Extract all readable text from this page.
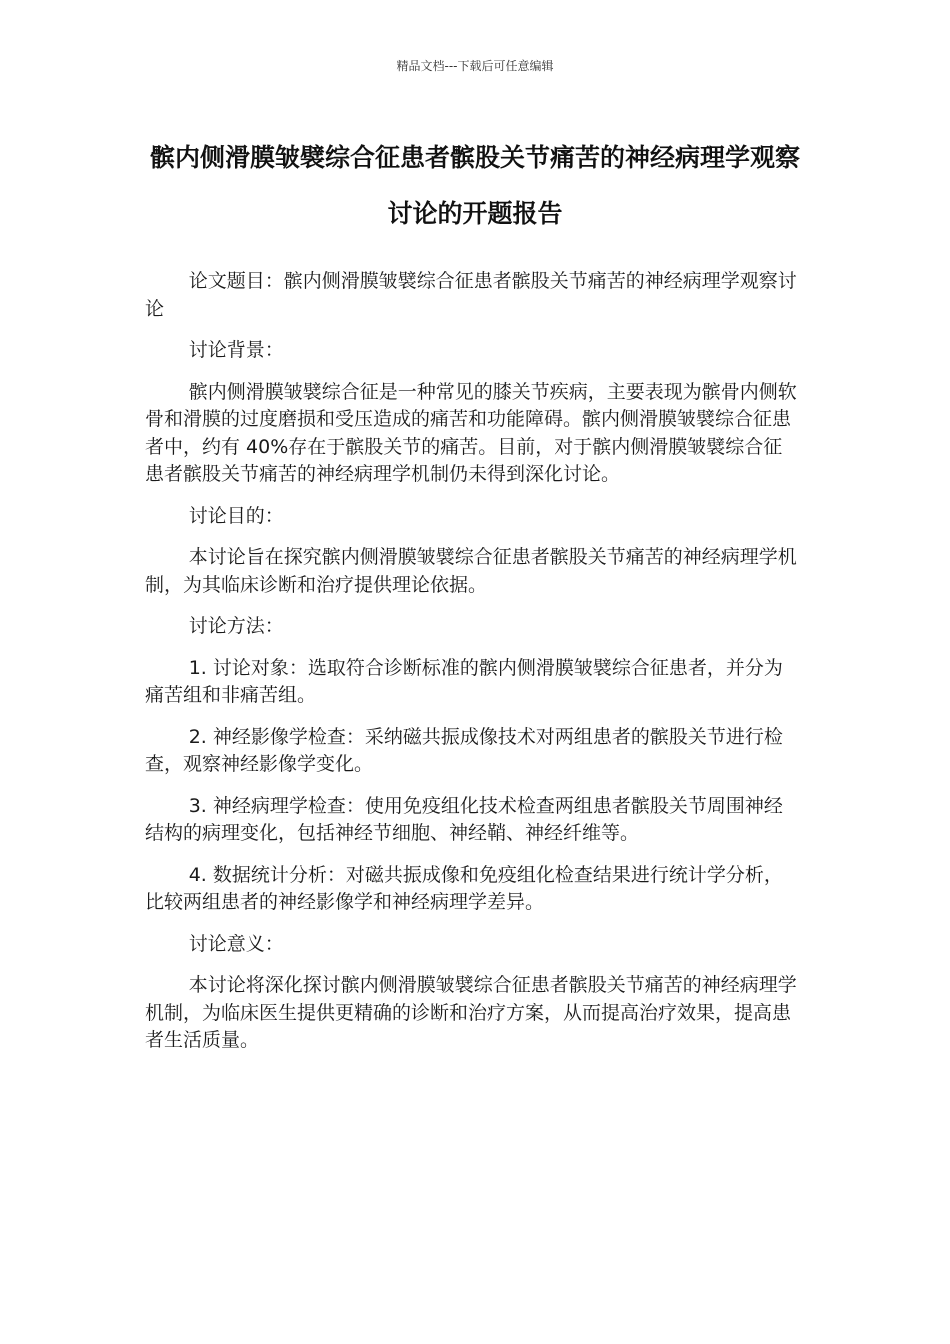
精品文档---下载后可任意编辑
髌内侧滑膜皱襞综合征患者髌股关节痛苦的神经病理学观察讨论的开题报告

论文题目：髌内侧滑膜皱襞综合征患者髌股关节痛苦的神经病理学观察讨论

讨论背景：

髌内侧滑膜皱襞综合征是一种常见的膝关节疾病，主要表现为髌骨内侧软骨和滑膜的过度磨损和受压造成的痛苦和功能障碍。髌内侧滑膜皱襞综合征患者中，约有 40%存在于髌股关节的痛苦。目前，对于髌内侧滑膜皱襞综合征患者髌股关节痛苦的神经病理学机制仍未得到深化讨论。

讨论目的：

本讨论旨在探究髌内侧滑膜皱襞综合征患者髌股关节痛苦的神经病理学机制，为其临床诊断和治疗提供理论依据。

讨论方法：

1. 讨论对象：选取符合诊断标准的髌内侧滑膜皱襞综合征患者，并分为痛苦组和非痛苦组。

2. 神经影像学检查：采纳磁共振成像技术对两组患者的髌股关节进行检查，观察神经影像学变化。

3. 神经病理学检查：使用免疫组化技术检查两组患者髌股关节周围神经结构的病理变化，包括神经节细胞、神经鞘、神经纤维等。

4. 数据统计分析：对磁共振成像和免疫组化检查结果进行统计学分析，比较两组患者的神经影像学和神经病理学差异。

讨论意义：

本讨论将深化探讨髌内侧滑膜皱襞综合征患者髌股关节痛苦的神经病理学机制，为临床医生提供更精确的诊断和治疗方案，从而提高治疗效果，提高患者生活质量。
